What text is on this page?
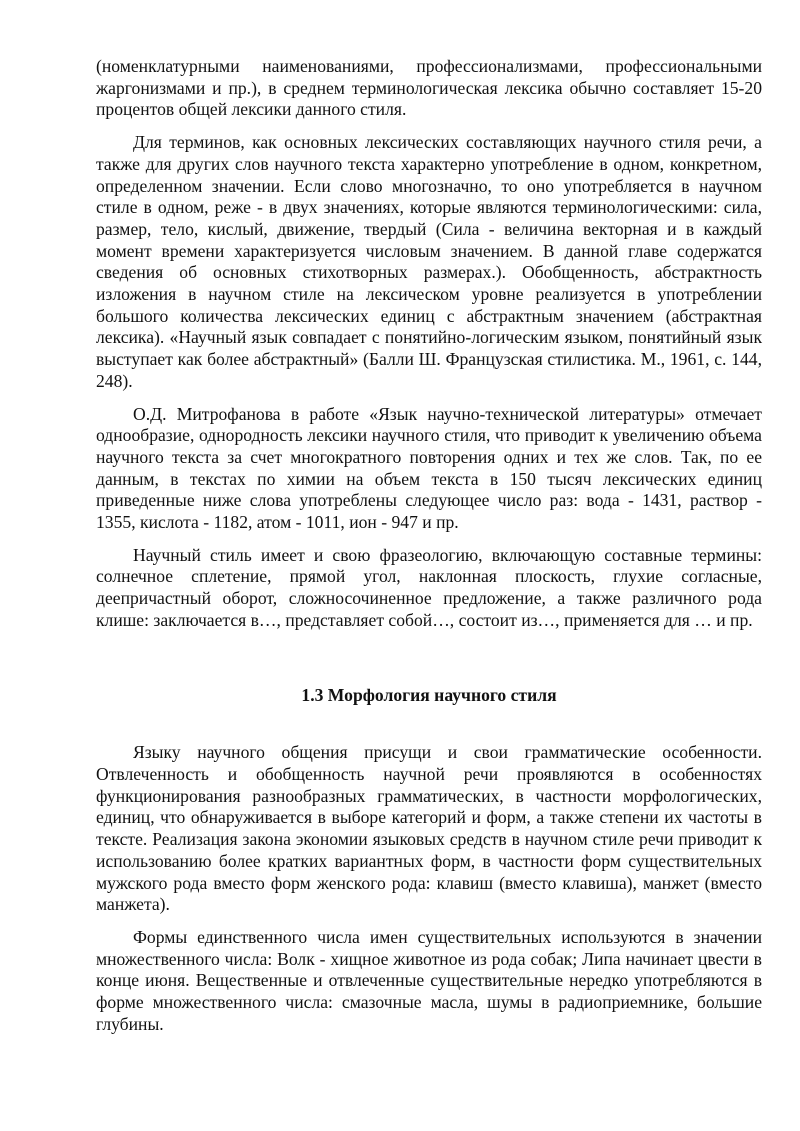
(номенклатурными наименованиями, профессионализмами, профессиональными жаргонизмами и пр.), в среднем терминологическая лексика обычно составляет 15-20 процентов общей лексики данного стиля.

Для терминов, как основных лексических составляющих научного стиля речи, а также для других слов научного текста характерно употребление в одном, конкретном, определенном значении. Если слово многозначно, то оно употребляется в научном стиле в одном, реже - в двух значениях, которые являются терминологическими: сила, размер, тело, кислый, движение, твердый (Сила - величина векторная и в каждый момент времени характеризуется числовым значением. В данной главе содержатся сведения об основных стихотворных размерах.). Обобщенность, абстрактность изложения в научном стиле на лексическом уровне реализуется в употреблении большого количества лексических единиц с абстрактным значением (абстрактная лексика). «Научный язык совпадает с понятийно-логическим языком, понятийный язык выступает как более абстрактный» (Балли Ш. Французская стилистика. М., 1961, с. 144, 248).

О.Д. Митрофанова в работе «Язык научно-технической литературы» отмечает однообразие, однородность лексики научного стиля, что приводит к увеличению объема научного текста за счет многократного повторения одних и тех же слов. Так, по ее данным, в текстах по химии на объем текста в 150 тысяч лексических единиц приведенные ниже слова употреблены следующее число раз: вода - 1431, раствор - 1355, кислота - 1182, атом - 1011, ион - 947 и пр.

Научный стиль имеет и свою фразеологию, включающую составные термины: солнечное сплетение, прямой угол, наклонная плоскость, глухие согласные, деепричастный оборот, сложносочиненное предложение, а также различного рода клише: заключается в…, представляет собой…, состоит из…, применяется для … и пр.

1.3 Морфология научного стиля

Языку научного общения присущи и свои грамматические особенности. Отвлеченность и обобщенность научной речи проявляются в особенностях функционирования разнообразных грамматических, в частности морфологических, единиц, что обнаруживается в выборе категорий и форм, а также степени их частоты в тексте. Реализация закона экономии языковых средств в научном стиле речи приводит к использованию более кратких вариантных форм, в частности форм существительных мужского рода вместо форм женского рода: клавиш (вместо клавиша), манжет (вместо манжета).

Формы единственного числа имен существительных используются в значении множественного числа: Волк - хищное животное из рода собак; Липа начинает цвести в конце июня. Вещественные и отвлеченные существительные нередко употребляются в форме множественного числа: смазочные масла, шумы в радиоприемнике, большие глубины.
